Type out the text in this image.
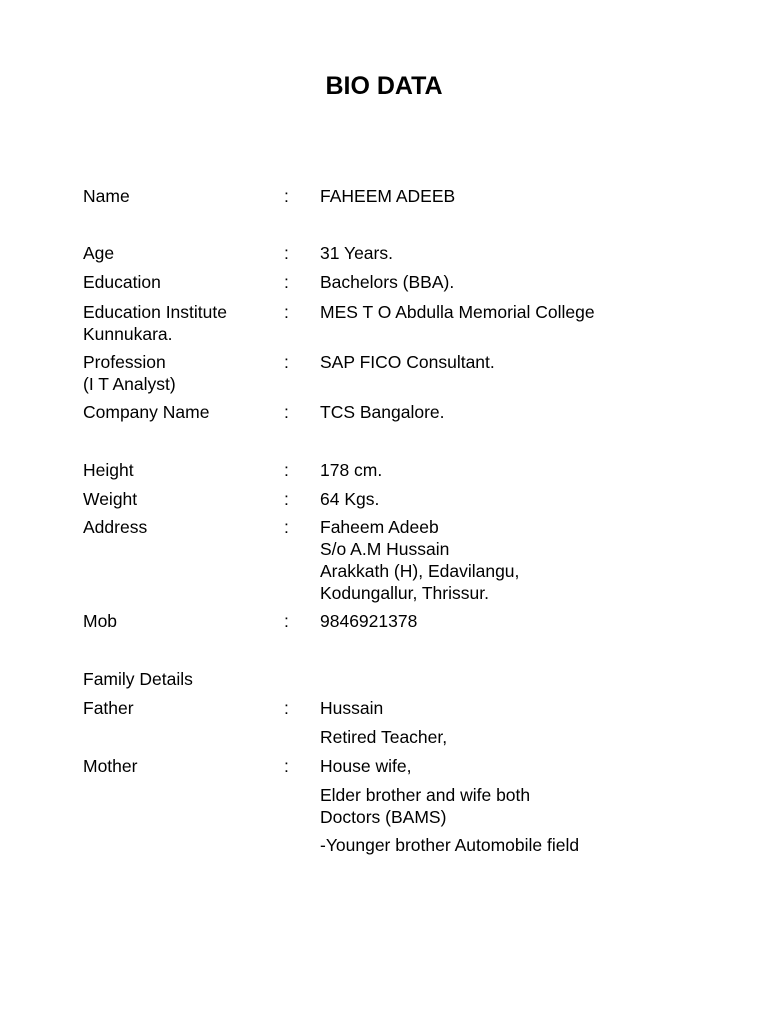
BIO DATA
Name	: FAHEEM ADEEB
Age	: 31 Years.
Education	: Bachelors (BBA).
Education Institute	: MES T O Abdulla Memorial College
Kunnukara.
Profession	: SAP FICO Consultant.
(I T Analyst)
Company Name	: TCS Bangalore.
Height	: 178 cm.
Weight	: 64 Kgs.
Address	: Faheem Adeeb
S/o A.M Hussain
Arakkath (H), Edavilangu,
Kodungallur, Thrissur.
Mob	: 9846921378
Family Details
Father	: Hussain
Retired Teacher,
Mother	: House wife,
Elder brother and wife both
Doctors (BAMS)
-Younger brother Automobile field
